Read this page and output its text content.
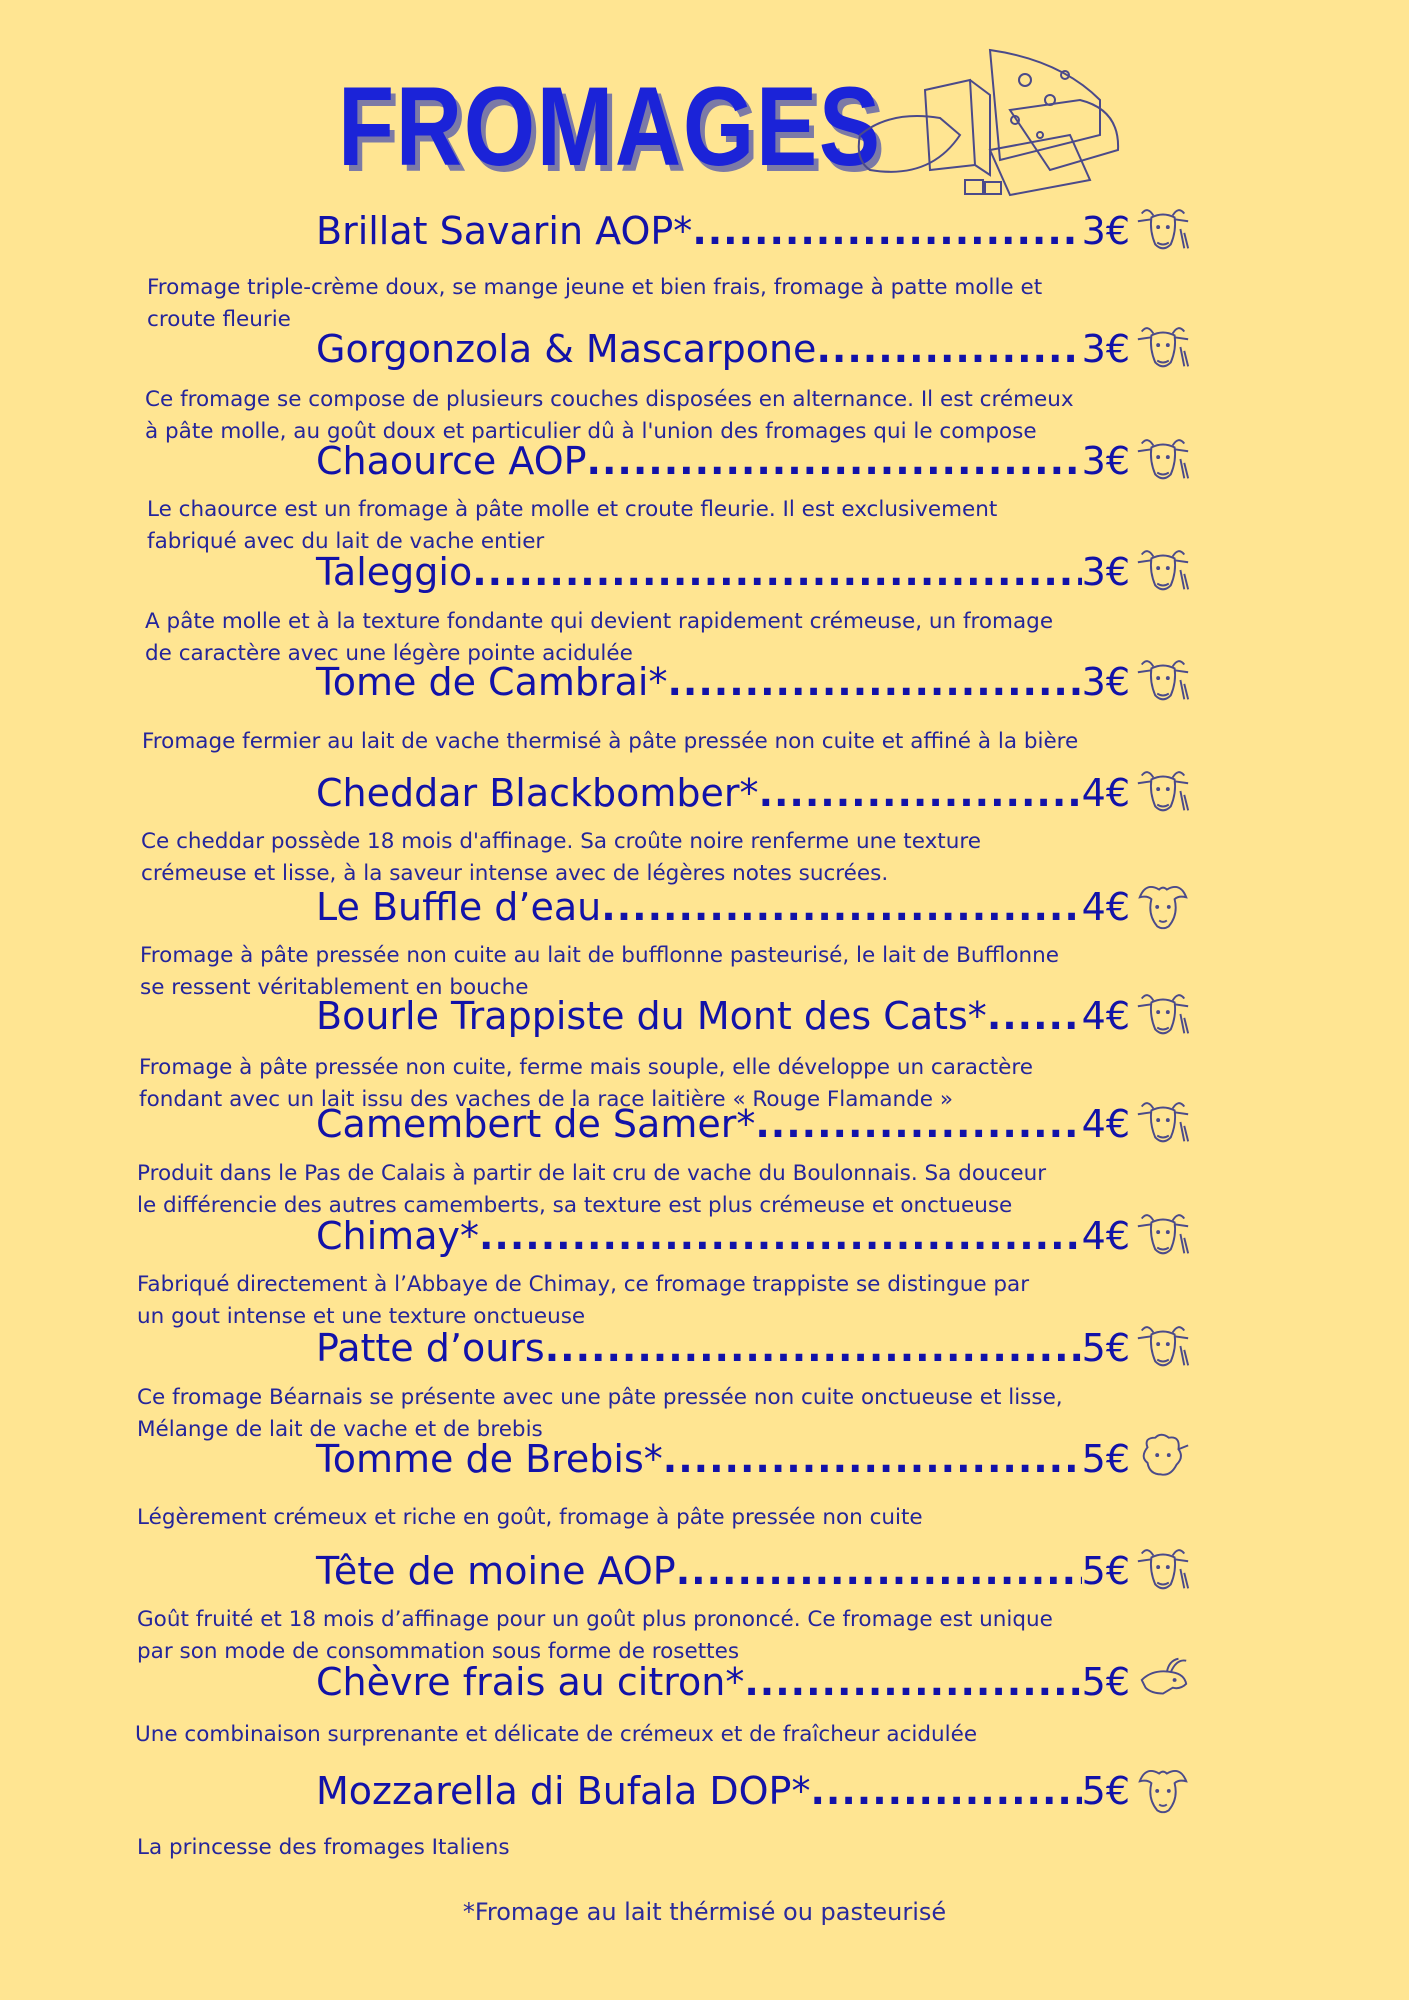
FROMAGES
Brillat Savarin AOP* .....	3€

Fromage triple-crème doux, se mange jeune et bien frais, fromage à patte molle et

croute fleurie

Gorgonzola & Mascarpone .....	3€

Ce fromage se compose de plusieurs couches disposées en alternance. Il est crémeux

à pâte molle, au goût doux et particulier dû à l'union des fromages qui le compose

Chaource AOP .....	3€

Le chaource est un fromage à pâte molle et croute fleurie. Il est exclusivement

fabriqué avec du lait de vache entier

Taleggio .....	3€

A pâte molle et à la texture fondante qui devient rapidement crémeuse, un fromage

de caractère avec une légère pointe acidulée

Tome de Cambrai* .....	3€

Fromage fermier au lait de vache thermisé à pâte pressée non cuite et affiné à la bière

Cheddar Blackbomber* .....	4€

Ce cheddar possède 18 mois d'affinage. Sa croûte noire renferme une texture

crémeuse et lisse, à la saveur intense avec de légères notes sucrées.

Le Buffle d’eau .....	4€

Fromage à pâte pressée non cuite au lait de bufflonne pasteurisé, le lait de Bufflonne

se ressent véritablement en bouche

Bourle Trappiste du Mont des Cats* ..... 4€

Fromage à pâte pressée non cuite, ferme mais souple, elle développe un caractère

fondant avec un lait issu des vaches de la race laitière « Rouge Flamande »

Camembert de Samer* .....	4€

Produit dans le Pas de Calais à partir de lait cru de vache du Boulonnais. Sa douceur

le différencie des autres camemberts, sa texture est plus crémeuse et onctueuse

Chimay* .....	4€

Fabriqué directement à l’Abbaye de Chimay, ce fromage trappiste se distingue par

un gout intense et une texture onctueuse

Patte d’ours .....	5€

Ce fromage Béarnais se présente avec une pâte pressée non cuite onctueuse et lisse,

Mélange de lait de vache et de brebis

Tomme de Brebis* .....	5€

Légèrement crémeux et riche en goût, fromage à pâte pressée non cuite

Tête de moine AOP .....	5€

Goût fruité et 18 mois d’affinage pour un goût plus prononcé. Ce fromage est unique

par son mode de consommation sous forme de rosettes

Chèvre frais au citron* .....	5€

Une combinaison surprenante et délicate de crémeux et de fraîcheur acidulée

Mozzarella di Bufala DOP* .....	5€

La princesse des fromages Italiens

*Fromage au lait thérmisé ou pasteurisé
